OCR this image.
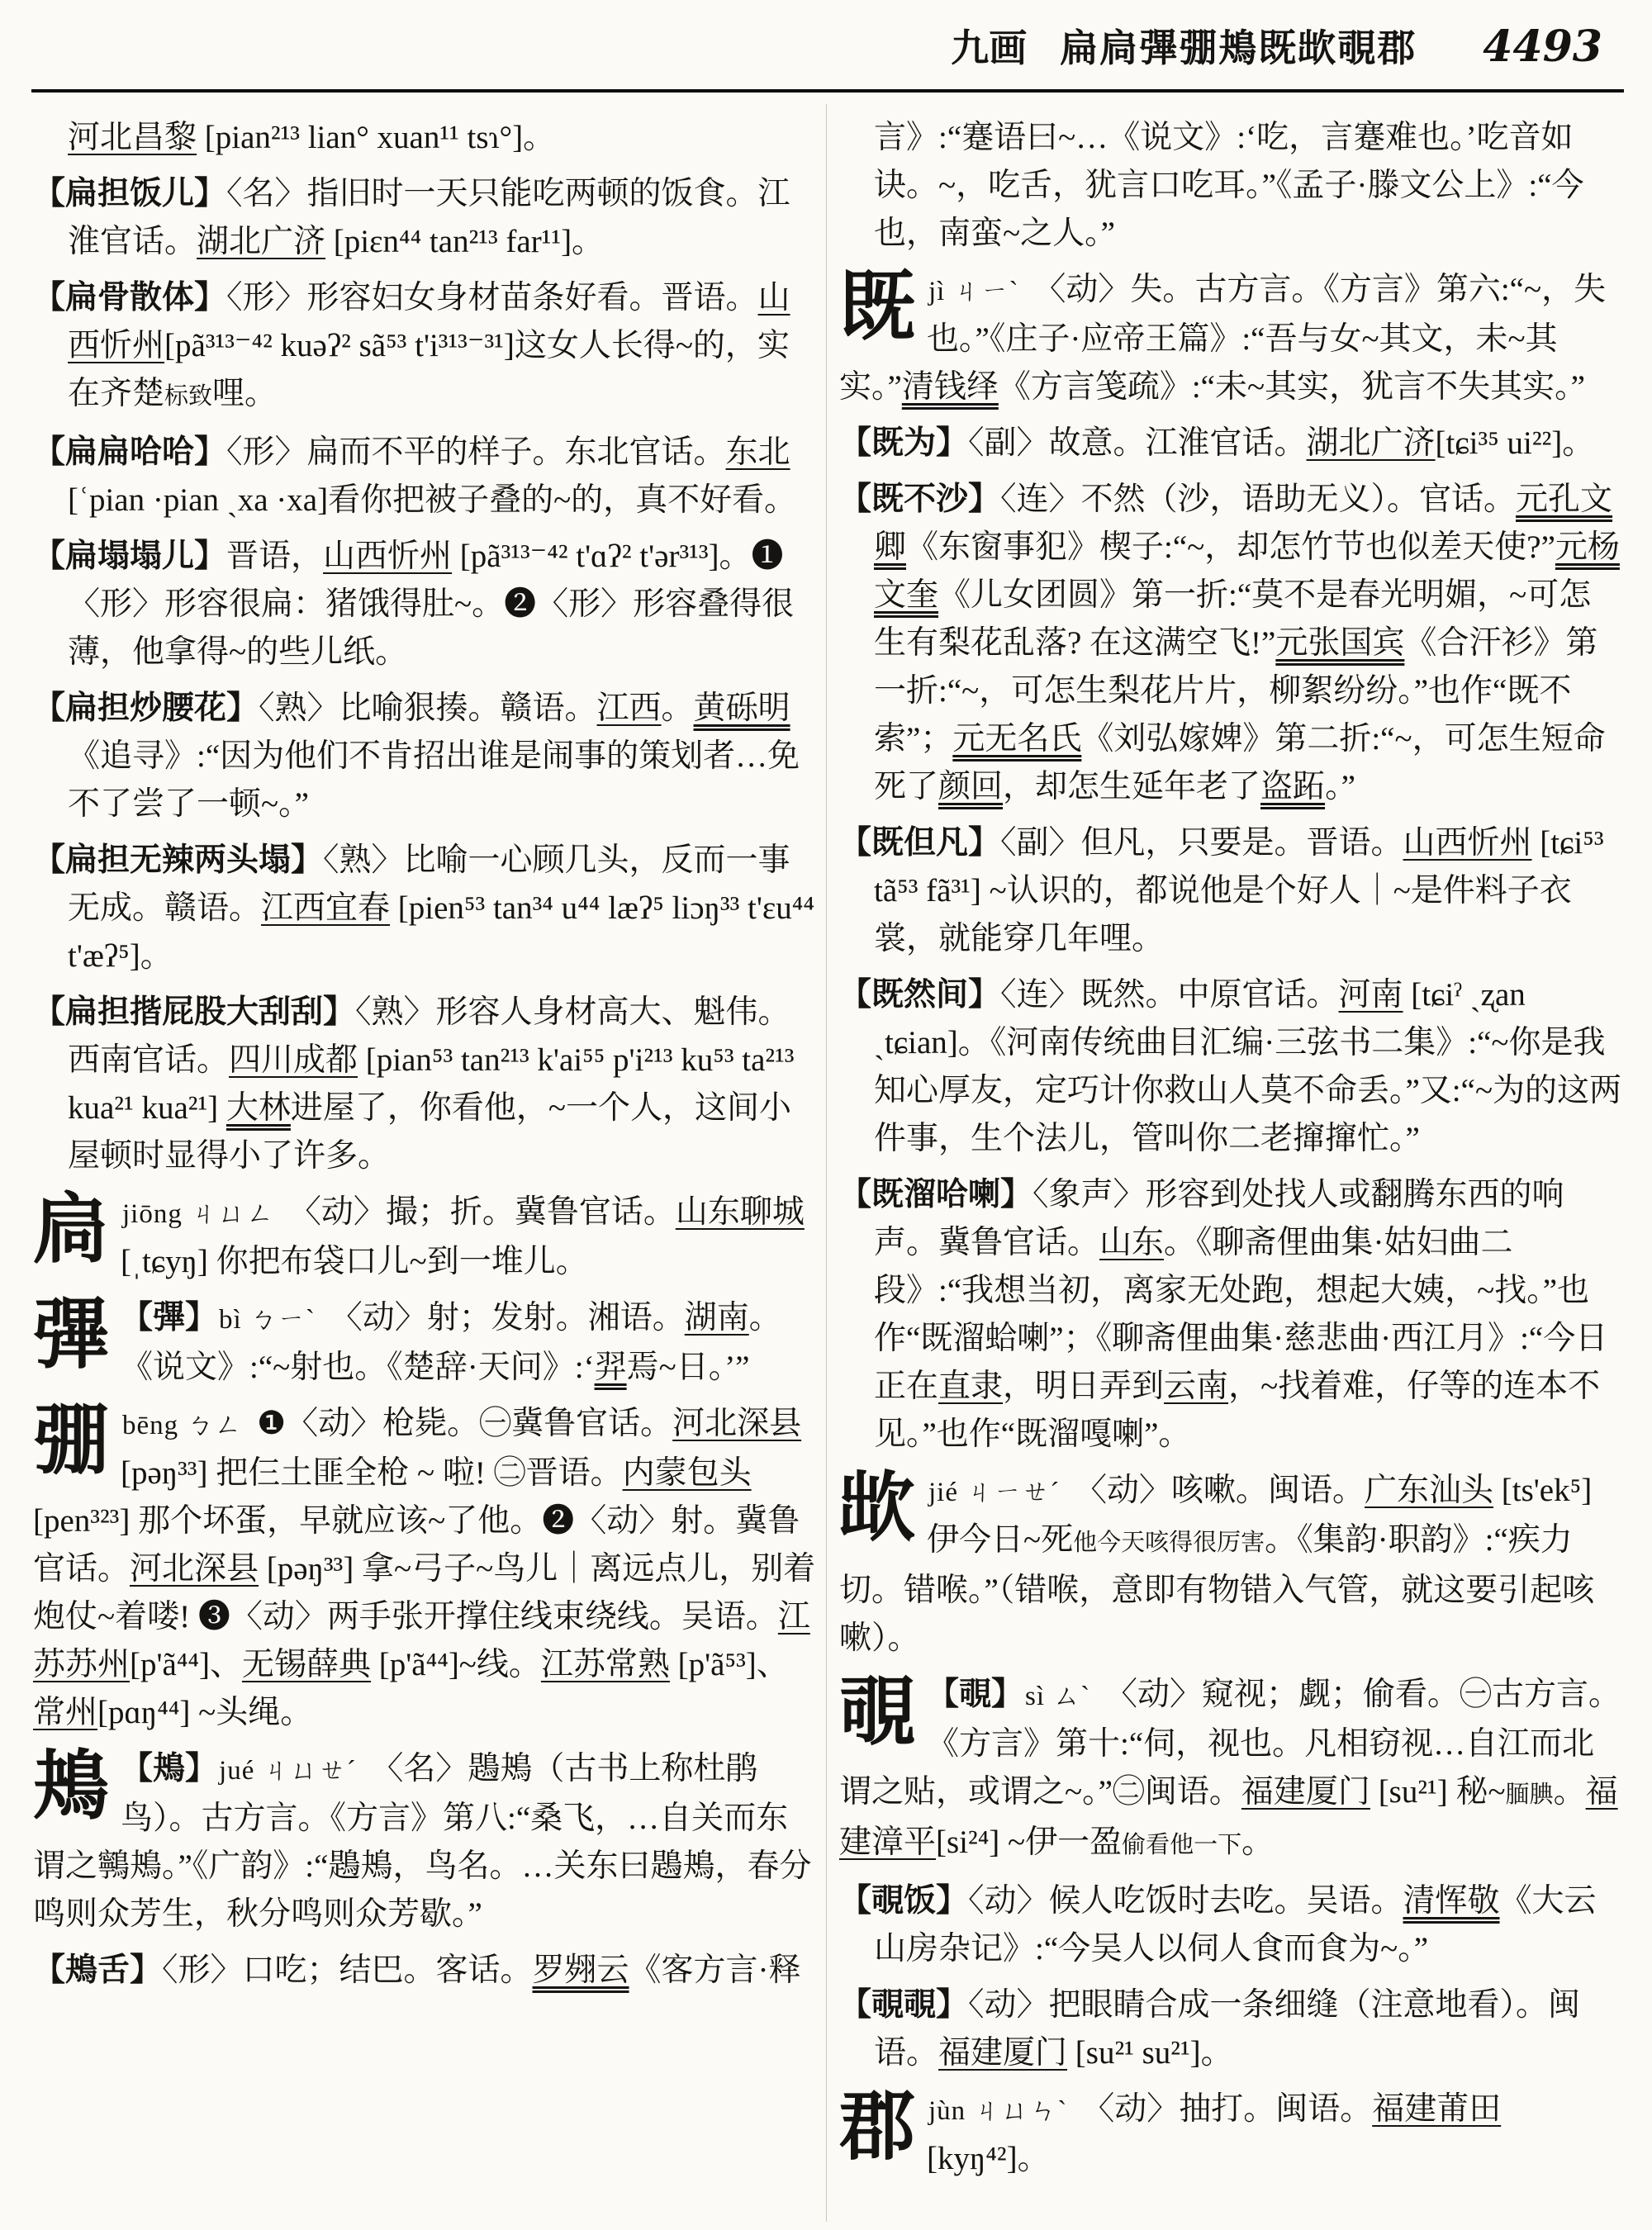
九画 扁扃彃弸鴂既欪覗郡 4493
河北昌黎 [pian²¹³ lian° xuan¹¹ tsɿ°]。
【扁担饭儿】〈名〉指旧时一天只能吃两顿的饭食。江淮官话。湖北广济 [piɛn⁴⁴ tan²¹³ far¹¹]。
【扁骨散体】〈形〉形容妇女身材苗条好看。晋语。山西忻州[pã³¹³⁻⁴² kuəʔ² sã⁵³ t'i³¹³⁻³¹]这女人长得~的，实在齐楚标致哩。
【扁扁哈哈】〈形〉扁而不平的样子。东北官话。东北[ʿpian ·pian ˎxa ·xa]看你把被子叠的~的，真不好看。
【扁塌塌儿】晋语，山西忻州 [pã³¹³⁻⁴² t'ɑʔ² t'ər³¹³]。❶〈形〉形容很扁：猪饿得肚~。❷〈形〉形容叠得很薄，他拿得~的些儿纸。
【扁担炒腰花】〈熟〉比喻狠揍。赣语。江西。黄砾明《追寻》:“因为他们不肯招出谁是闹事的策划者…免不了尝了一顿~。”
【扁担无辣两头塌】〈熟〉比喻一心顾几头，反而一事无成。赣语。江西宜春 [pien⁵³ tan³⁴ u⁴⁴ læʔ⁵ liɔŋ³³ t'ɛu⁴⁴ t'æʔ⁵]。
【扁担揩屁股大刮刮】〈熟〉形容人身材高大、魁伟。西南官话。四川成都 [pian⁵³ tan²¹³ k'ai⁵⁵ p'i²¹³ ku⁵³ ta²¹³ kua²¹ kua²¹] 大林进屋了，你看他，~一个人，这间小屋顿时显得小了许多。
扃jiōng ㄐㄩㄥ 〈动〉撮；折。冀鲁官话。山东聊城[ˌtɕyŋ] 你把布袋口儿~到一堆儿。
彃 【彃】bì ㄅㄧˋ 〈动〉射；发射。湘语。湖南。《说文》:“~射也。《楚辞·天问》:‘羿焉~日。’”
弸bēng ㄅㄥ ❶〈动〉枪毙。㊀冀鲁官话。河北深县[pəŋ³³] 把仨土匪全枪 ~ 啦! ㊁晋语。内蒙包头[pen³²³] 那个坏蛋，早就应该~了他。❷〈动〉射。冀鲁官话。河北深县 [pəŋ³³] 拿~弓子~鸟儿｜离远点儿，别着炮仗~着喽! ❸〈动〉两手张开撑住线束绕线。吴语。江苏苏州[p'ã⁴⁴]、无锡薛典 [p'ã⁴⁴]~线。江苏常熟 [p'ã⁵³]、常州[pɑŋ⁴⁴] ~头绳。
鴂 【鴂】jué ㄐㄩㄝˊ 〈名〉鶗鴂（古书上称杜鹃鸟）。古方言。《方言》第八:“桑飞，…自关而东谓之鸋鴂。”《广韵》:“鶗鴂，鸟名。…关东曰鶗鴂，春分鸣则众芳生，秋分鸣则众芳歇。”
【鴂舌】〈形〉口吃；结巴。客话。罗翙云《客方言·释
言》:“蹇语曰~…《说文》:‘吃，言蹇难也。’吃音如诀。~，吃舌，犹言口吃耳。”《孟子·滕文公上》:“今也，南蛮~之人。”
既jì ㄐㄧˋ 〈动〉失。古方言。《方言》第六:“~，失也。”《庄子·应帝王篇》:“吾与女~其文，未~其实。”清钱绎《方言笺疏》:“未~其实，犹言不失其实。”
【既为】〈副〉故意。江淮官话。湖北广济[tɕi³⁵ ui²²]。
【既不沙】〈连〉不然（沙，语助无义）。官话。元孔文卿《东窗事犯》楔子:“~，却怎竹节也似差天使?”元杨文奎《儿女团圆》第一折:“莫不是春光明媚，~可怎生有梨花乱落? 在这满空飞!”元张国宾《合汗衫》第一折:“~，可怎生梨花片片，柳絮纷纷。”也作“既不索”；元无名氏《刘弘嫁婢》第二折:“~，可怎生短命死了颜回，却怎生延年老了盗跖。”
【既但凡】〈副〉但凡，只要是。晋语。山西忻州 [tɕi⁵³ tã⁵³ fã³¹] ~认识的，都说他是个好人｜~是件料子衣裳，就能穿几年哩。
【既然间】〈连〉既然。中原官话。河南 [tɕiˀ ˎʐan ˎtɕian]。《河南传统曲目汇编·三弦书二集》:“~你是我知心厚友，定巧计你救山人莫不命丢。”又:“~为的这两件事，生个法儿，管叫你二老撺撺忙。”
【既溜哈喇】〈象声〉形容到处找人或翻腾东西的响声。冀鲁官话。山东。《聊斋俚曲集·姑妇曲二段》:“我想当初，离家无处跑，想起大姨，~找。”也作“既溜蛤喇”；《聊斋俚曲集·慈悲曲·西江月》:“今日正在直隶，明日弄到云南，~找着难，仔等的连本不见。”也作“既溜嘎喇”。
欪jié ㄐㄧㄝˊ 〈动〉咳嗽。闽语。广东汕头 [ts'ek⁵] 伊今日~死他今天咳得很厉害。《集韵·职韵》:“疾力切。错喉。”（错喉，意即有物错入气管，就这要引起咳嗽）。
覗 【覗】sì ㄙˋ 〈动〉窥视；觑；偷看。㊀古方言。《方言》第十:“伺，视也。凡相窃视…自江而北谓之贴，或谓之~。”㊁闽语。福建厦门 [su²¹] 秘~腼腆。福建漳平[si²⁴] ~伊一盈偷看他一下。
【覗饭】〈动〉候人吃饭时去吃。吴语。清恽敬《大云山房杂记》:“今吴人以伺人食而食为~。”
【覗覗】〈动〉把眼睛合成一条细缝（注意地看）。闽语。福建厦门 [su²¹ su²¹]。
郡jùn ㄐㄩㄣˋ 〈动〉抽打。闽语。福建莆田[kyŋ⁴²]。
